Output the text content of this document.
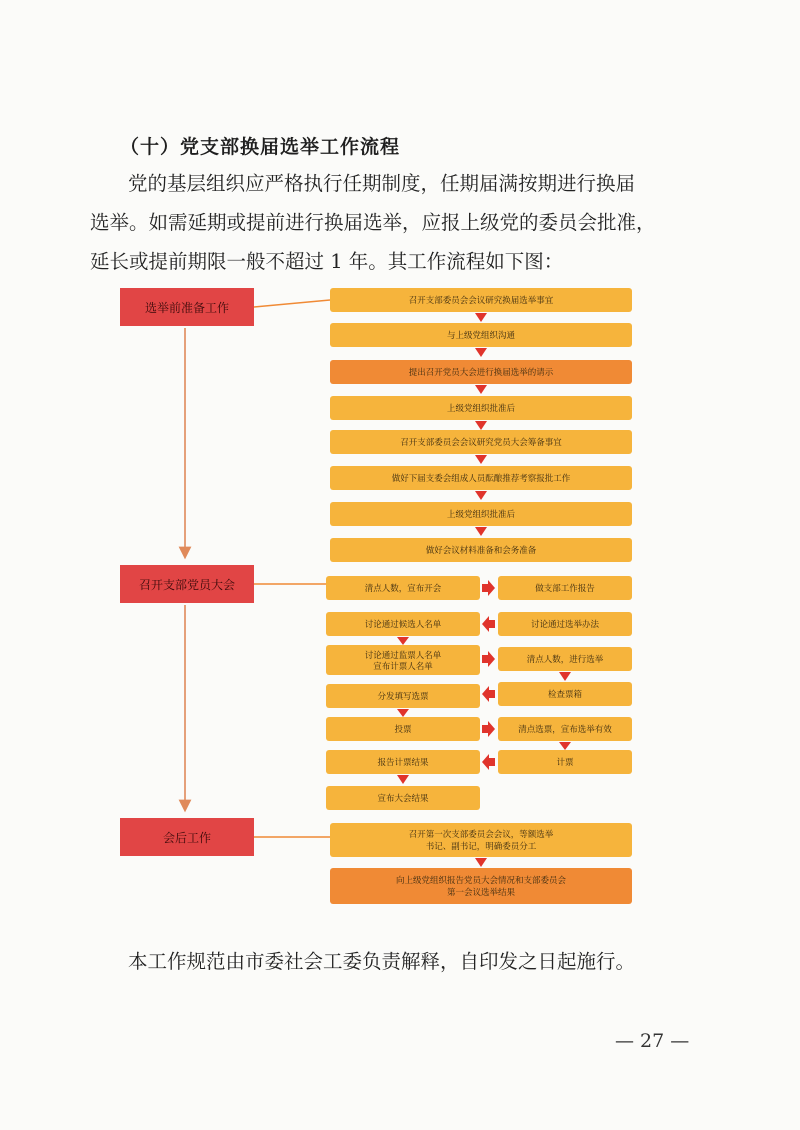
（十）党支部换届选举工作流程
党的基层组织应严格执行任期制度，任期届满按期进行换届
选举。如需延期或提前进行换届选举，应报上级党的委员会批准，
延长或提前期限一般不超过 1 年。其工作流程如下图：
选举前准备工作
召开支部党员大会
会后工作
召开支部委员会会议研究换届选举事宜
与上级党组织沟通
提出召开党员大会进行换届选举的请示
上级党组织批准后
召开支部委员会会议研究党员大会筹备事宜
做好下届支委会组成人员酝酿推荐考察报批工作
上级党组织批准后
做好会议材料准备和会务准备
清点人数，宣布开会
讨论通过候选人名单
讨论通过监票人名单
宣布计票人名单
分发填写选票
投票
报告计票结果
宣布大会结果
做支部工作报告
讨论通过选举办法
清点人数，进行选举
检查票箱
清点选票，宣布选举有效
计票
召开第一次支部委员会会议，等额选举
书记、副书记，明确委员分工
向上级党组织报告党员大会情况和支部委员会
第一会议选举结果
本工作规范由市委社会工委负责解释，自印发之日起施行。
— 27 —
